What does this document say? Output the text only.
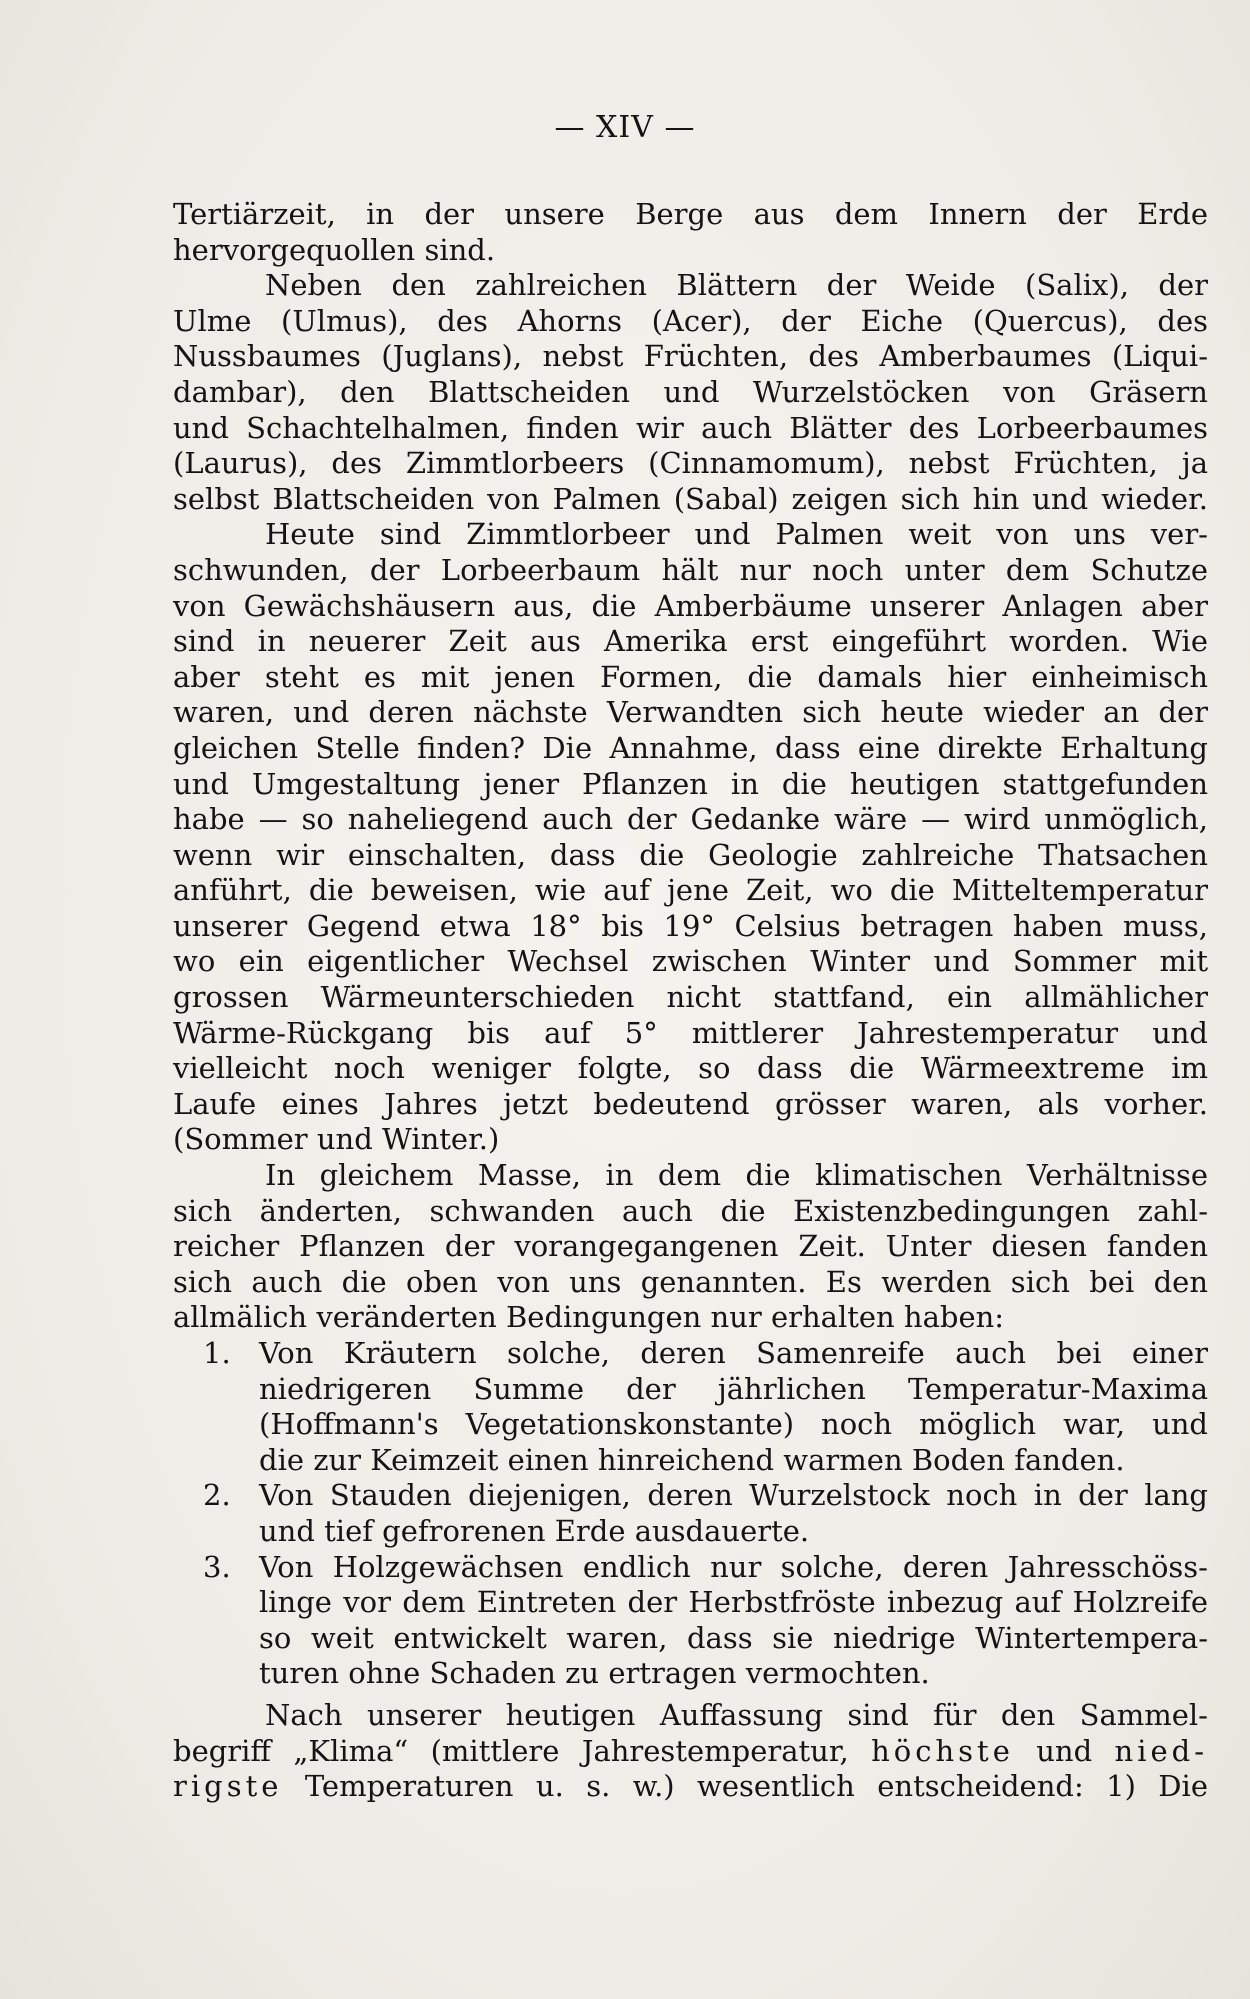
— XIV —
Tertiärzeit, in der unsere Berge aus dem Innern der Erde
hervorgequollen sind.
Neben den zahlreichen Blättern der Weide (Salix), der
Ulme (Ulmus), des Ahorns (Acer), der Eiche (Quercus), des
Nussbaumes (Juglans), nebst Früchten, des Amberbaumes (Liqui-
dambar), den Blattscheiden und Wurzelstöcken von Gräsern
und Schachtelhalmen, finden wir auch Blätter des Lorbeerbaumes
(Laurus), des Zimmtlorbeers (Cinnamomum), nebst Früchten, ja
selbst Blattscheiden von Palmen (Sabal) zeigen sich hin und wieder.
Heute sind Zimmtlorbeer und Palmen weit von uns ver-
schwunden, der Lorbeerbaum hält nur noch unter dem Schutze
von Gewächshäusern aus, die Amberbäume unserer Anlagen aber
sind in neuerer Zeit aus Amerika erst eingeführt worden. Wie
aber steht es mit jenen Formen, die damals hier einheimisch
waren, und deren nächste Verwandten sich heute wieder an der
gleichen Stelle finden? Die Annahme, dass eine direkte Erhaltung
und Umgestaltung jener Pflanzen in die heutigen stattgefunden
habe — so naheliegend auch der Gedanke wäre — wird unmöglich,
wenn wir einschalten, dass die Geologie zahlreiche Thatsachen
anführt, die beweisen, wie auf jene Zeit, wo die Mitteltemperatur
unserer Gegend etwa 18° bis 19° Celsius betragen haben muss,
wo ein eigentlicher Wechsel zwischen Winter und Sommer mit
grossen Wärmeunterschieden nicht stattfand, ein allmählicher
Wärme-Rückgang bis auf 5° mittlerer Jahrestemperatur und
vielleicht noch weniger folgte, so dass die Wärmeextreme im
Laufe eines Jahres jetzt bedeutend grösser waren, als vorher.
(Sommer und Winter.)
In gleichem Masse, in dem die klimatischen Verhältnisse
sich änderten, schwanden auch die Existenzbedingungen zahl-
reicher Pflanzen der vorangegangenen Zeit. Unter diesen fanden
sich auch die oben von uns genannten. Es werden sich bei den
allmälich veränderten Bedingungen nur erhalten haben:
1. Von Kräutern solche, deren Samenreife auch bei einer
niedrigeren Summe der jährlichen Temperatur-Maxima
(Hoffmann's Vegetationskonstante) noch möglich war, und
die zur Keimzeit einen hinreichend warmen Boden fanden.
2. Von Stauden diejenigen, deren Wurzelstock noch in der lang
und tief gefrorenen Erde ausdauerte.
3. Von Holzgewächsen endlich nur solche, deren Jahresschöss-
linge vor dem Eintreten der Herbstfröste inbezug auf Holzreife
so weit entwickelt waren, dass sie niedrige Wintertempera-
turen ohne Schaden zu ertragen vermochten.
Nach unserer heutigen Auffassung sind für den Sammel-
begriff „Klima“ (mittlere Jahrestemperatur, höchste und nied-
rigste Temperaturen u. s. w.) wesentlich entscheidend: 1) Die
